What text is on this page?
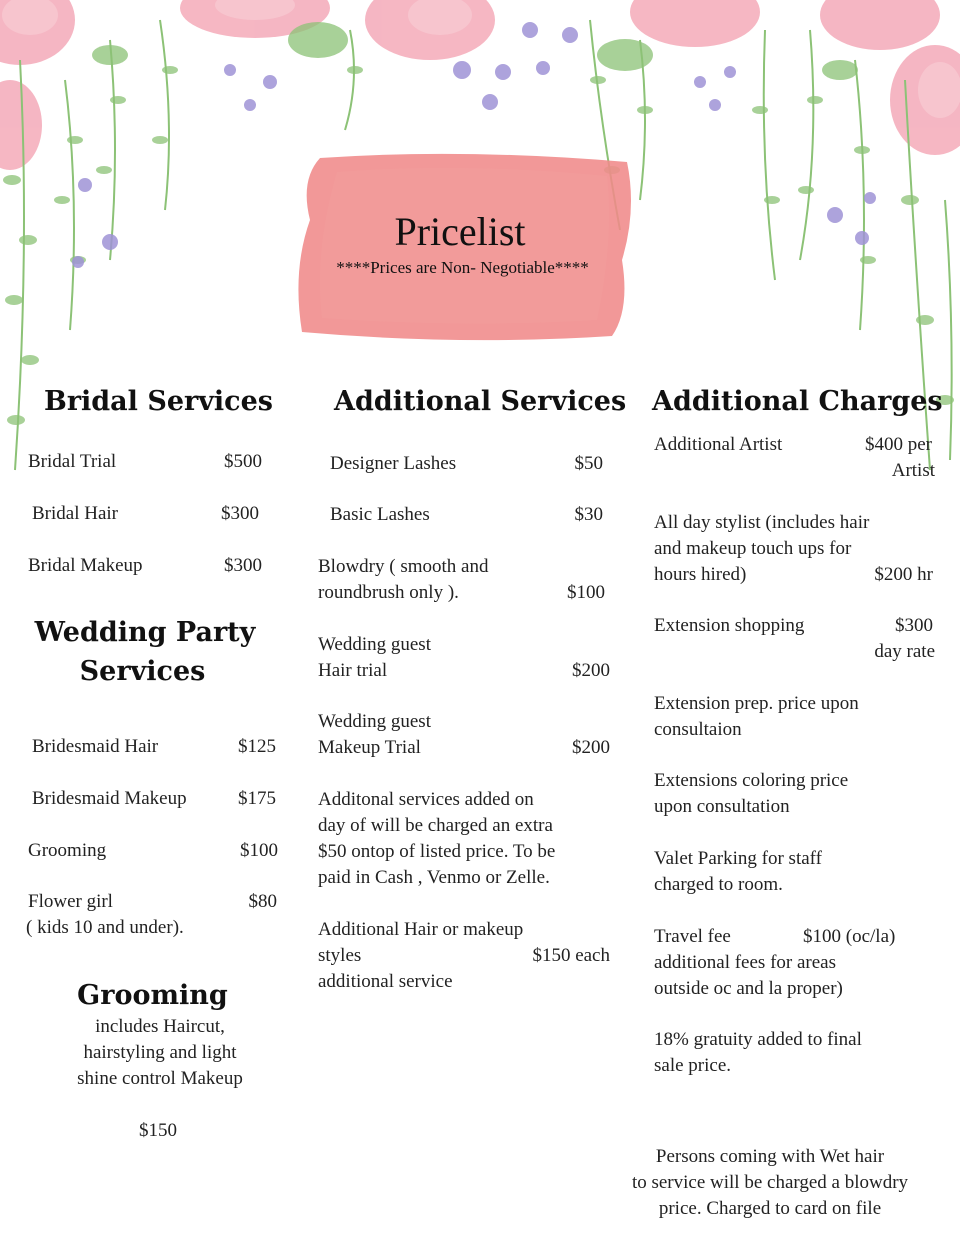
Pricelist
****Prices are Non- Negotiable****
Bridal Services
Bridal Trial	$500
Bridal Hair	$300
Bridal Makeup	$300
Wedding Party
Services
Bridesmaid Hair	$125
Bridesmaid Makeup	$175
Grooming	$100
Flower girl	$80
( kids 10 and under).
Grooming
includes Haircut,
hairstyling and light
shine control Makeup
$150
Additional Services
Designer Lashes	$50
Basic Lashes	$30
Blowdry ( smooth and
roundbrush only ).	$100
Wedding guest
Hair trial	$200
Wedding guest
Makeup Trial	$200
Additonal services added on
day of will be charged an extra
$50 ontop of listed price. To be
paid in Cash , Venmo or Zelle.
Additional Hair or makeup
styles	$150 each
additional service
Additional Charges
Additional Artist	$400 per
Artist
All day stylist (includes hair
and makeup touch ups for
hours hired)	$200 hr
Extension shopping	$300
day rate
Extension prep. price upon
consultaion
Extensions coloring price
upon consultation
Valet Parking for staff
charged to room.
Travel fee	$100 (oc/la)
additional fees for areas
outside oc and la proper)
18% gratuity added to final
sale price.
Persons coming with Wet hair
to service will be charged a blowdry
price. Charged to card on file
